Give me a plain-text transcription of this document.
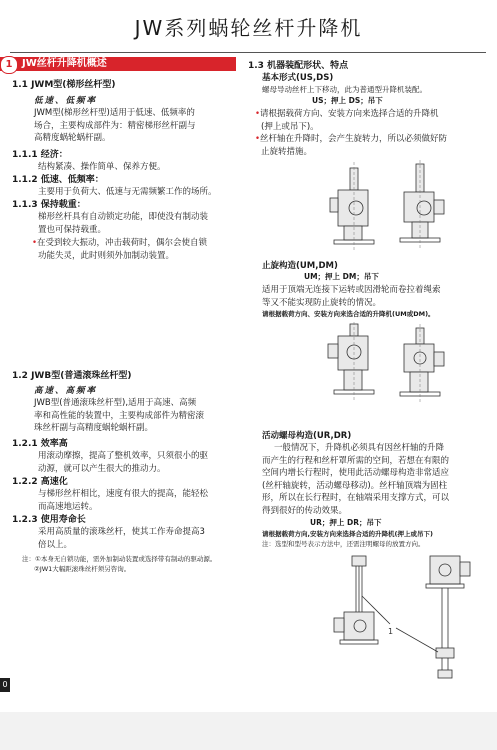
JW系列蜗轮丝杆升降机
1 JW丝杆升降机概述
1.1 JWM型(梯形丝杆型)
低速、低频率
JWM型(梯形丝杆型)适用于低速、低频率的
场合，主要构成部件为：精密梯形丝杆副与
高精度蜗轮蜗杆副。
1.1.1 经济：
结构紧凑、操作简单、保养方便。
1.1.2 低速、低频率：
主要用于负荷大、低速与无需频繁工作的场所。
1.1.3 保持载重：
梯形丝杆具有自动锁定功能，即使没有制动装
置也可保持载重。
•在受到较大振动，冲击载荷时，偶尔会使自锁
功能失灵，此时则须外加制动装置。
1.2 JWB型(普通滚珠丝杆型)
高速、高频率
JWB型(普通滚珠丝杆型),适用于高速、高频
率和高性能的装置中，主要构成部件为精密滚
珠丝杆副与高精度蜗轮蜗杆副。
1.2.1 效率高
用滚动摩擦，提高了整机效率，只须很小的驱
动源，就可以产生很大的推动力。
1.2.2 高速化
与梯形丝杆相比，速度有很大的提高，能轻松
而高速地运转。
1.2.3 使用寿命长
采用高质量的滚珠丝杆，使其工作寿命提高3
倍以上。
注：①本身无自锁功能，需外加制动装置或选择带有制动的驱动源。
②JW1大幅距滚珠丝杆须另咨询。
1.3 机器装配形状、特点
基本形式(US,DS)
螺母导动丝杆上下移动，此为普通型升降机装配。
US；押上 DS；吊下
•请根据载荷方向、安装方向来选择合适的升降机
(押上或吊下)。
•丝杆轴在升降时，会产生旋转力，所以必须做好防
止旋转措施。
止旋构造(UM,DM)
UM；押上 DM；吊下
适用于顶端无连接下运转或因滑轮而卷拉着绳索
等又不能实现防止旋转的情况。
请根据载荷方向、安装方向来选合适的升降机(UM或DM)。
活动螺母构造(UR,DR)
一般情况下，升降机必须具有因丝杆轴的升降
而产生的行程和丝杆罩所需的空间，若想在有限的
空间内增长行程时，使用此活动螺母构造非常适应
(丝杆轴旋转，活动螺母移动)。丝杆轴顶端为固柱
形，所以在长行程时，在轴端采用支撑方式，可以
得到很好的传动效果。
UR；押上 DR；吊下
请根据载荷方向,安装方向来选择合适的升降机(押上或吊下)
注：选型和型号表示方法中，还需注明螺母的放置方向。
1
0
